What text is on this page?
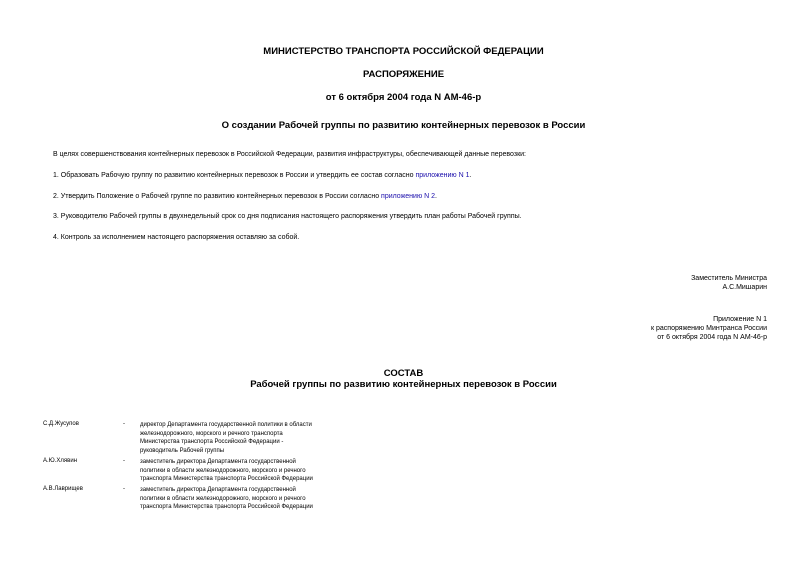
МИНИСТЕРСТВО ТРАНСПОРТА РОССИЙСКОЙ ФЕДЕРАЦИИ
РАСПОРЯЖЕНИЕ
от 6 октября 2004 года N АМ-46-р
О создании Рабочей группы по развитию контейнерных перевозок в России
В целях совершенствования контейнерных перевозок в Российской Федерации, развития инфраструктуры, обеспечивающей данные перевозки:
1. Образовать Рабочую группу по развитию контейнерных перевозок в России и утвердить ее состав согласно приложению N 1.
2. Утвердить Положение о Рабочей группе по развитию контейнерных перевозок в России согласно приложению N 2.
3. Руководителю Рабочей группы в двухнедельный срок со дня подписания настоящего распоряжения утвердить план работы Рабочей группы.
4. Контроль за исполнением настоящего распоряжения оставляю за собой.
Заместитель Министра
А.С.Мишарин
Приложение N 1
к распоряжению Минтранса России
от 6 октября 2004 года N АМ-46-р
СОСТАВ
Рабочей группы по развитию контейнерных перевозок в России
С.Д.Жусупов	-	директор Департамента государственной политики в области
железнодорожного, морского и речного транспорта
Министерства транспорта Российской Федерации -
руководитель Рабочей группы
А.Ю.Хлявин	-	заместитель директора Департамента государственной
политики в области железнодорожного, морского и речного
транспорта Министерства транспорта Российской Федерации
А.В.Лаврищев	-	заместитель директора Департамента государственной
политики в области железнодорожного, морского и речного
транспорта Министерства транспорта Российской Федерации
